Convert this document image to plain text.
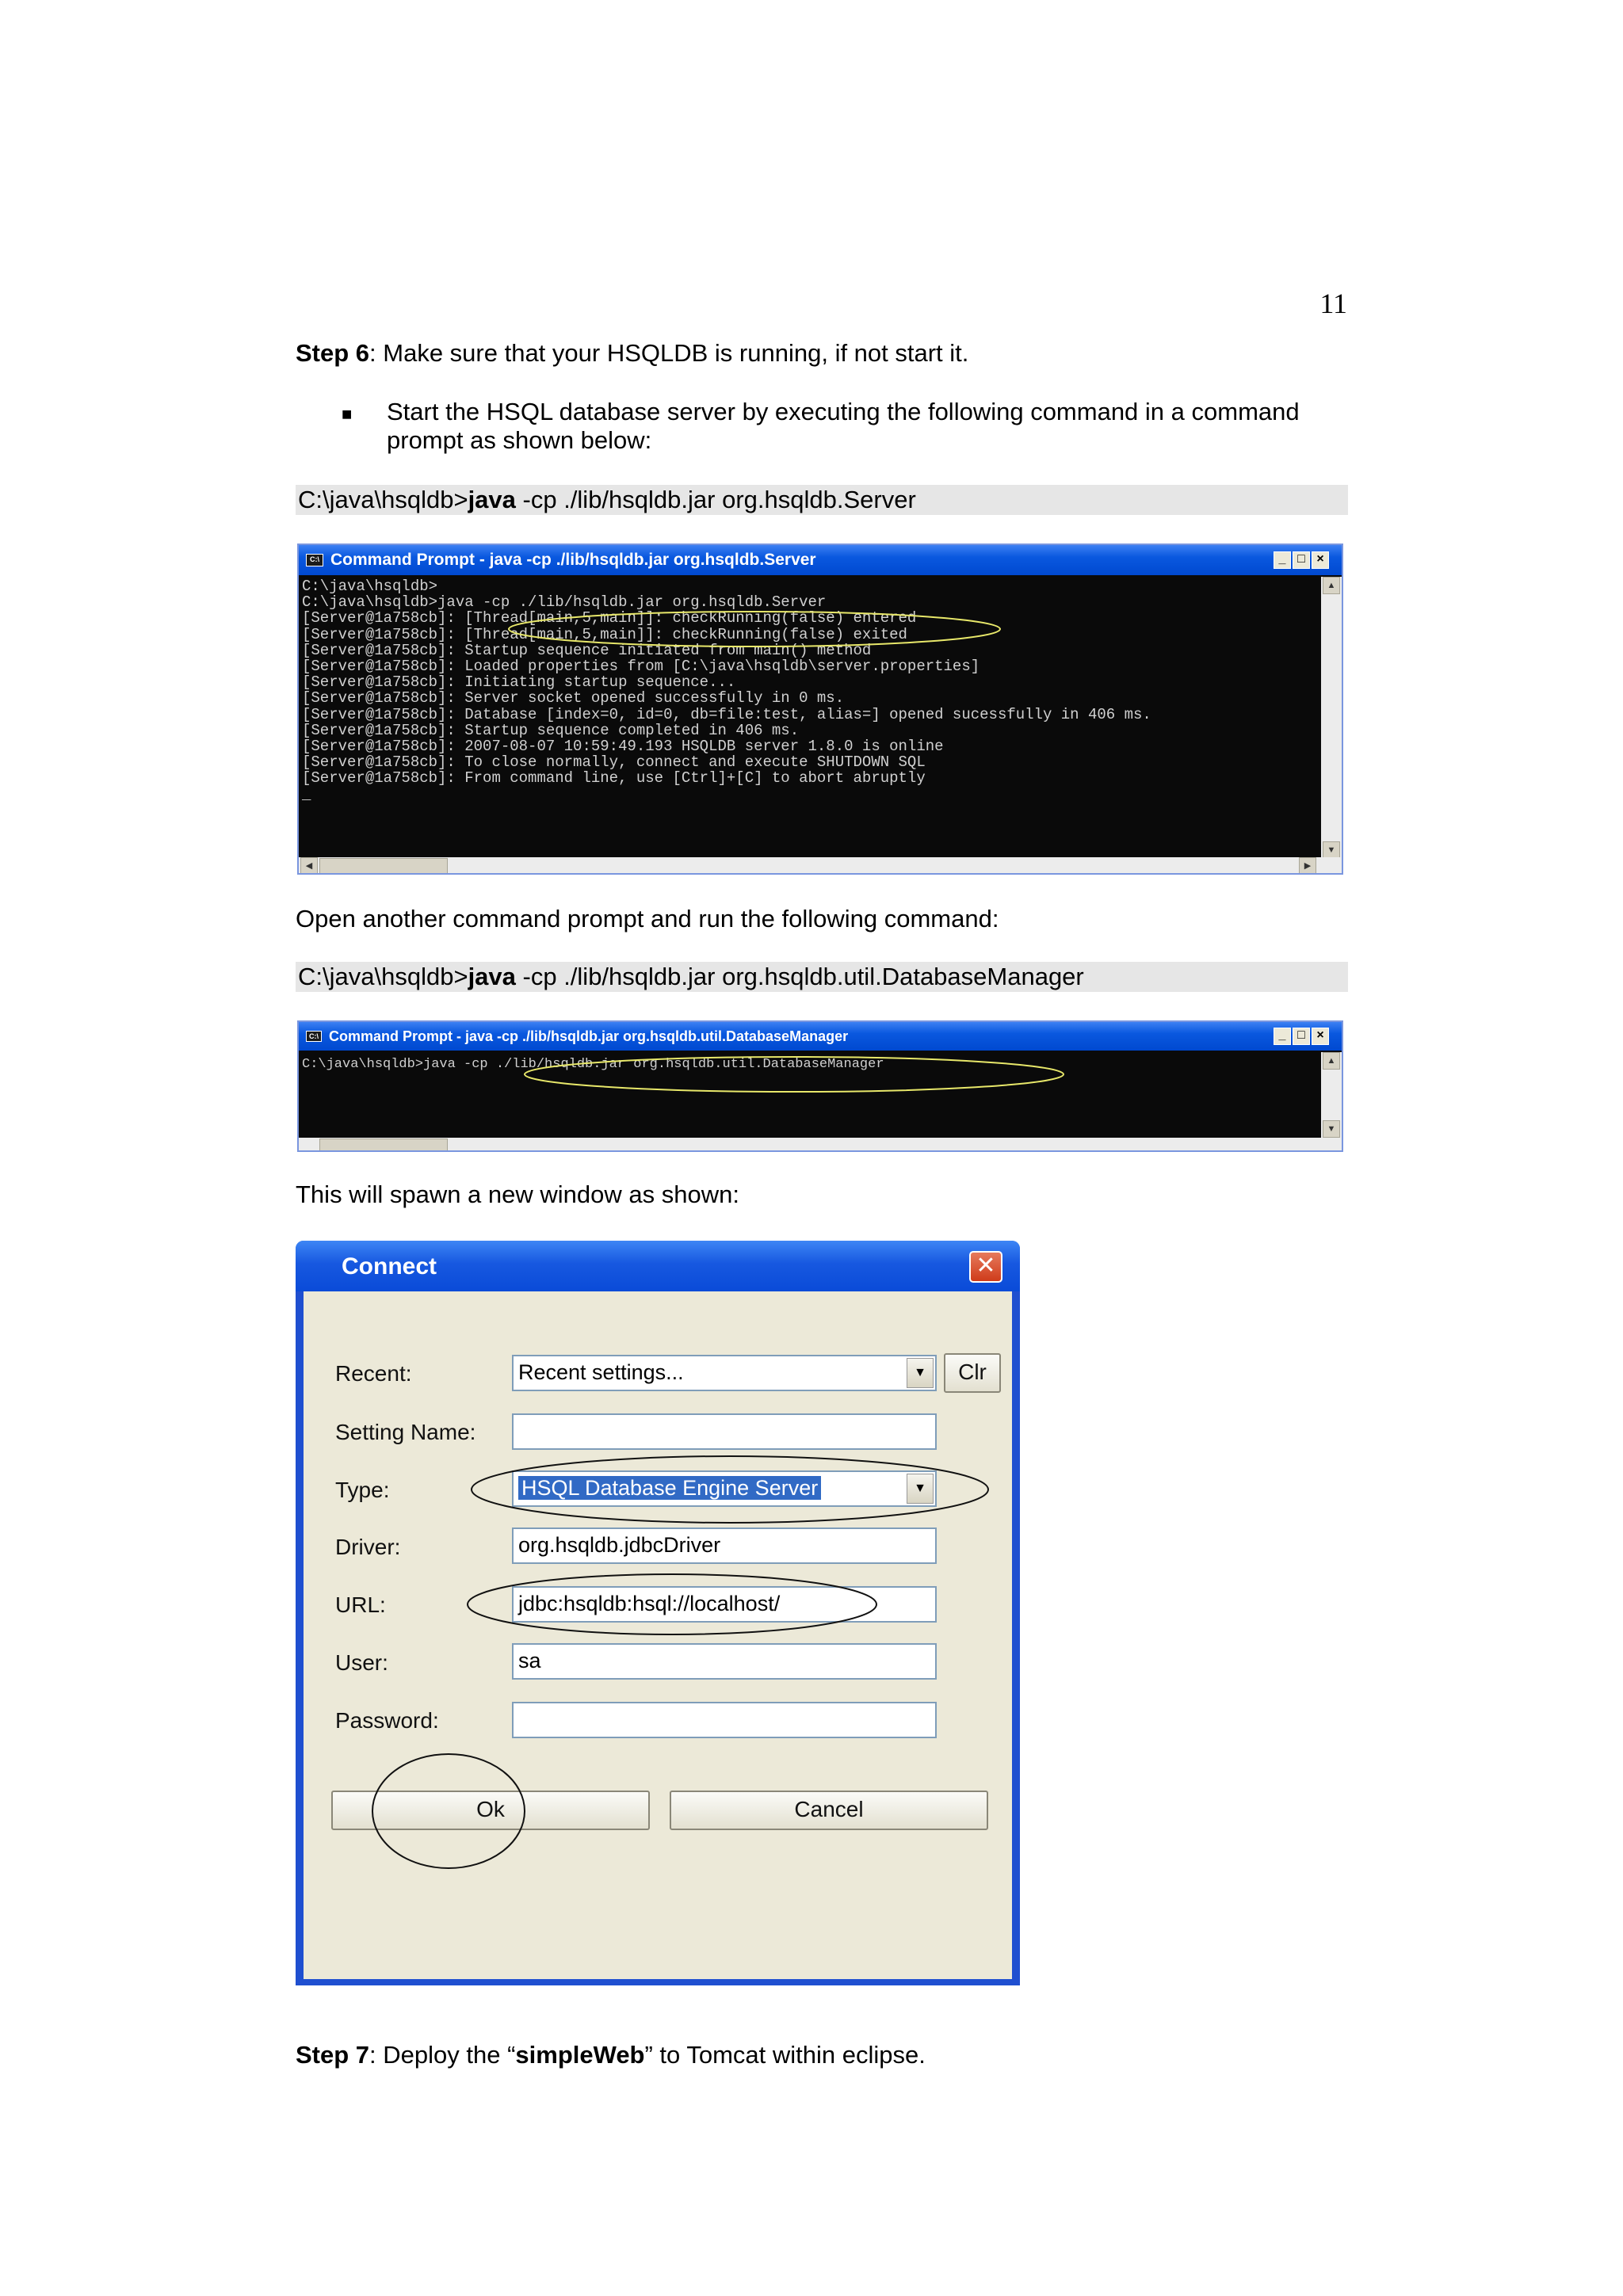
11
Step 6: Make sure that your HSQLDB is running, if not start it.
■ Start the HSQL database server by executing the following command in a command
prompt as shown below:
C:\java\hsqldb>java -cp ./lib/hsqldb.jar org.hsqldb.Server
C:\ Command Prompt - java -cp ./lib/hsqldb.jar org.hsqldb.Server	_ □ ×
C:\java\hsqldb>
C:\java\hsqldb>java -cp ./lib/hsqldb.jar org.hsqldb.Server
[Server@1a758cb]: [Thread[main,5,main]]: checkRunning(false) entered
[Server@1a758cb]: [Thread[main,5,main]]: checkRunning(false) exited
[Server@1a758cb]: Startup sequence initiated from main() method
[Server@1a758cb]: Loaded properties from [C:\java\hsqldb\server.properties]
[Server@1a758cb]: Initiating startup sequence...
[Server@1a758cb]: Server socket opened successfully in 0 ms.
[Server@1a758cb]: Database [index=0, id=0, db=file:test, alias=] opened sucessfully in 406 ms.
[Server@1a758cb]: Startup sequence completed in 406 ms.
[Server@1a758cb]: 2007-08-07 10:59:49.193 HSQLDB server 1.8.0 is online
[Server@1a758cb]: To close normally, connect and execute SHUTDOWN SQL
[Server@1a758cb]: From command line, use [Ctrl]+[C] to abort abruptly
_
▲
▼
◀	▶
Open another command prompt and run the following command:
C:\java\hsqldb>java -cp ./lib/hsqldb.jar org.hsqldb.util.DatabaseManager
C:\ Command Prompt - java -cp ./lib/hsqldb.jar org.hsqldb.util.DatabaseManager	_ □ ×
C:\java\hsqldb>java -cp ./lib/hsqldb.jar org.hsqldb.util.DatabaseManager	▲
▼
This will spawn a new window as shown:
Connect	✕
Recent:	Recent settings...	▼	Clr
Setting Name:
Type:	HSQL Database Engine Server	▼
Driver:	org.hsqldb.jdbcDriver
URL:	jdbc:hsqldb:hsql://localhost/
User:	sa
Password:
Ok	Cancel
Step 7: Deploy the “simpleWeb” to Tomcat within eclipse.
